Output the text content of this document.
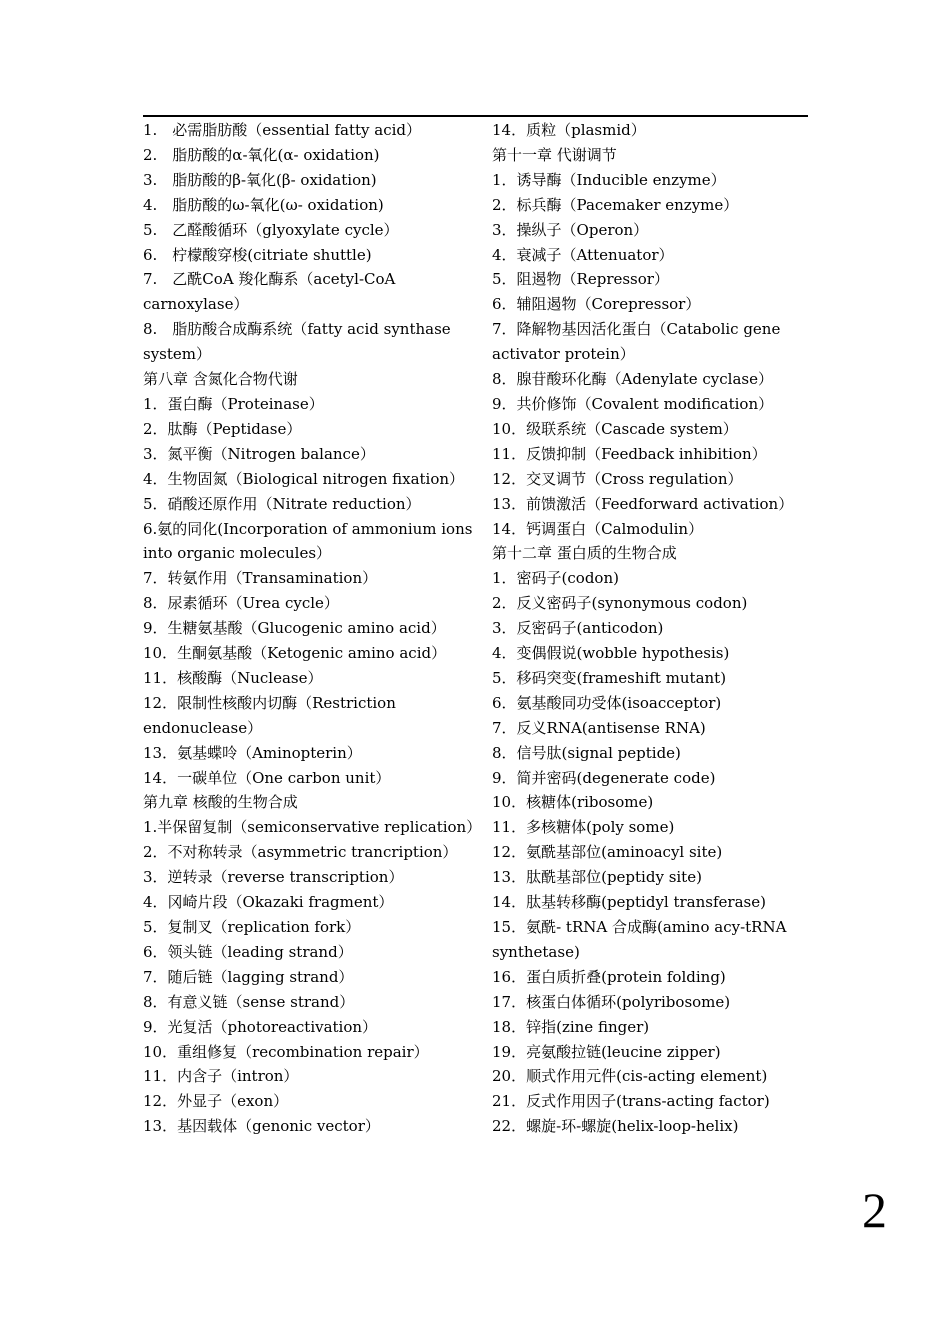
1.　必需脂肪酸（essential fatty acid）
2.　脂肪酸的α-氧化(α- oxidation)
3.　脂肪酸的β-氧化(β- oxidation)
4.　脂肪酸的ω-氧化(ω- oxidation)
5.　乙醛酸循环（glyoxylate cycle）
6.　柠檬酸穿梭(citriate shuttle)
7.　乙酰CoA 羧化酶系（acetyl-CoA
carnoxylase）
8.　脂肪酸合成酶系统（fatty acid synthase
system）
第八章 含氮化合物代谢
1．蛋白酶（Proteinase）
2．肽酶（Peptidase）
3．氮平衡（Nitrogen balance）
4．生物固氮（Biological nitrogen fixation）
5．硝酸还原作用（Nitrate reduction）
6.氨的同化(Incorporation of ammonium ions
into organic molecules）
7．转氨作用（Transamination）
8．尿素循环（Urea cycle）
9．生糖氨基酸（Glucogenic amino acid）
10．生酮氨基酸（Ketogenic amino acid）
11．核酸酶（Nuclease）
12．限制性核酸内切酶（Restriction
endonuclease）
13．氨基蝶呤（Aminopterin）
14．一碳单位（One carbon unit）
第九章 核酸的生物合成
1.半保留复制（semiconservative replication）
2．不对称转录（asymmetric trancription）
3．逆转录（reverse transcription）
4．冈崎片段（Okazaki fragment）
5．复制叉（replication fork）
6．领头链（leading strand）
7．随后链（lagging strand）
8．有意义链（sense strand）
9．光复活（photoreactivation）
10．重组修复（recombination repair）
11．内含子（intron）
12．外显子（exon）
13．基因载体（genonic vector）
14．质粒（plasmid）
第十一章 代谢调节
1．诱导酶（Inducible enzyme）
2．标兵酶（Pacemaker enzyme）
3．操纵子（Operon）
4．衰减子（Attenuator）
5．阻遏物（Repressor）
6．辅阻遏物（Corepressor）
7．降解物基因活化蛋白（Catabolic gene
activator protein）
8．腺苷酸环化酶（Adenylate cyclase）
9．共价修饰（Covalent modification）
10．级联系统（Cascade system）
11．反馈抑制（Feedback inhibition）
12．交叉调节（Cross regulation）
13．前馈激活（Feedforward activation）
14．钙调蛋白（Calmodulin）
第十二章 蛋白质的生物合成
1．密码子(codon)
2．反义密码子(synonymous codon)
3．反密码子(anticodon)
4．变偶假说(wobble hypothesis)
5．移码突变(frameshift mutant)
6．氨基酸同功受体(isoacceptor)
7．反义RNA(antisense RNA)
8．信号肽(signal peptide)
9．简并密码(degenerate code)
10．核糖体(ribosome)
11．多核糖体(poly some)
12．氨酰基部位(aminoacyl site)
13．肽酰基部位(peptidy site)
14．肽基转移酶(peptidyl transferase)
15．氨酰- tRNA 合成酶(amino acy-tRNA
synthetase)
16．蛋白质折叠(protein folding)
17．核蛋白体循环(polyribosome)
18．锌指(zine finger)
19．亮氨酸拉链(leucine zipper)
20．顺式作用元件(cis-acting element)
21．反式作用因子(trans-acting factor)
22．螺旋-环-螺旋(helix-loop-helix)
2
